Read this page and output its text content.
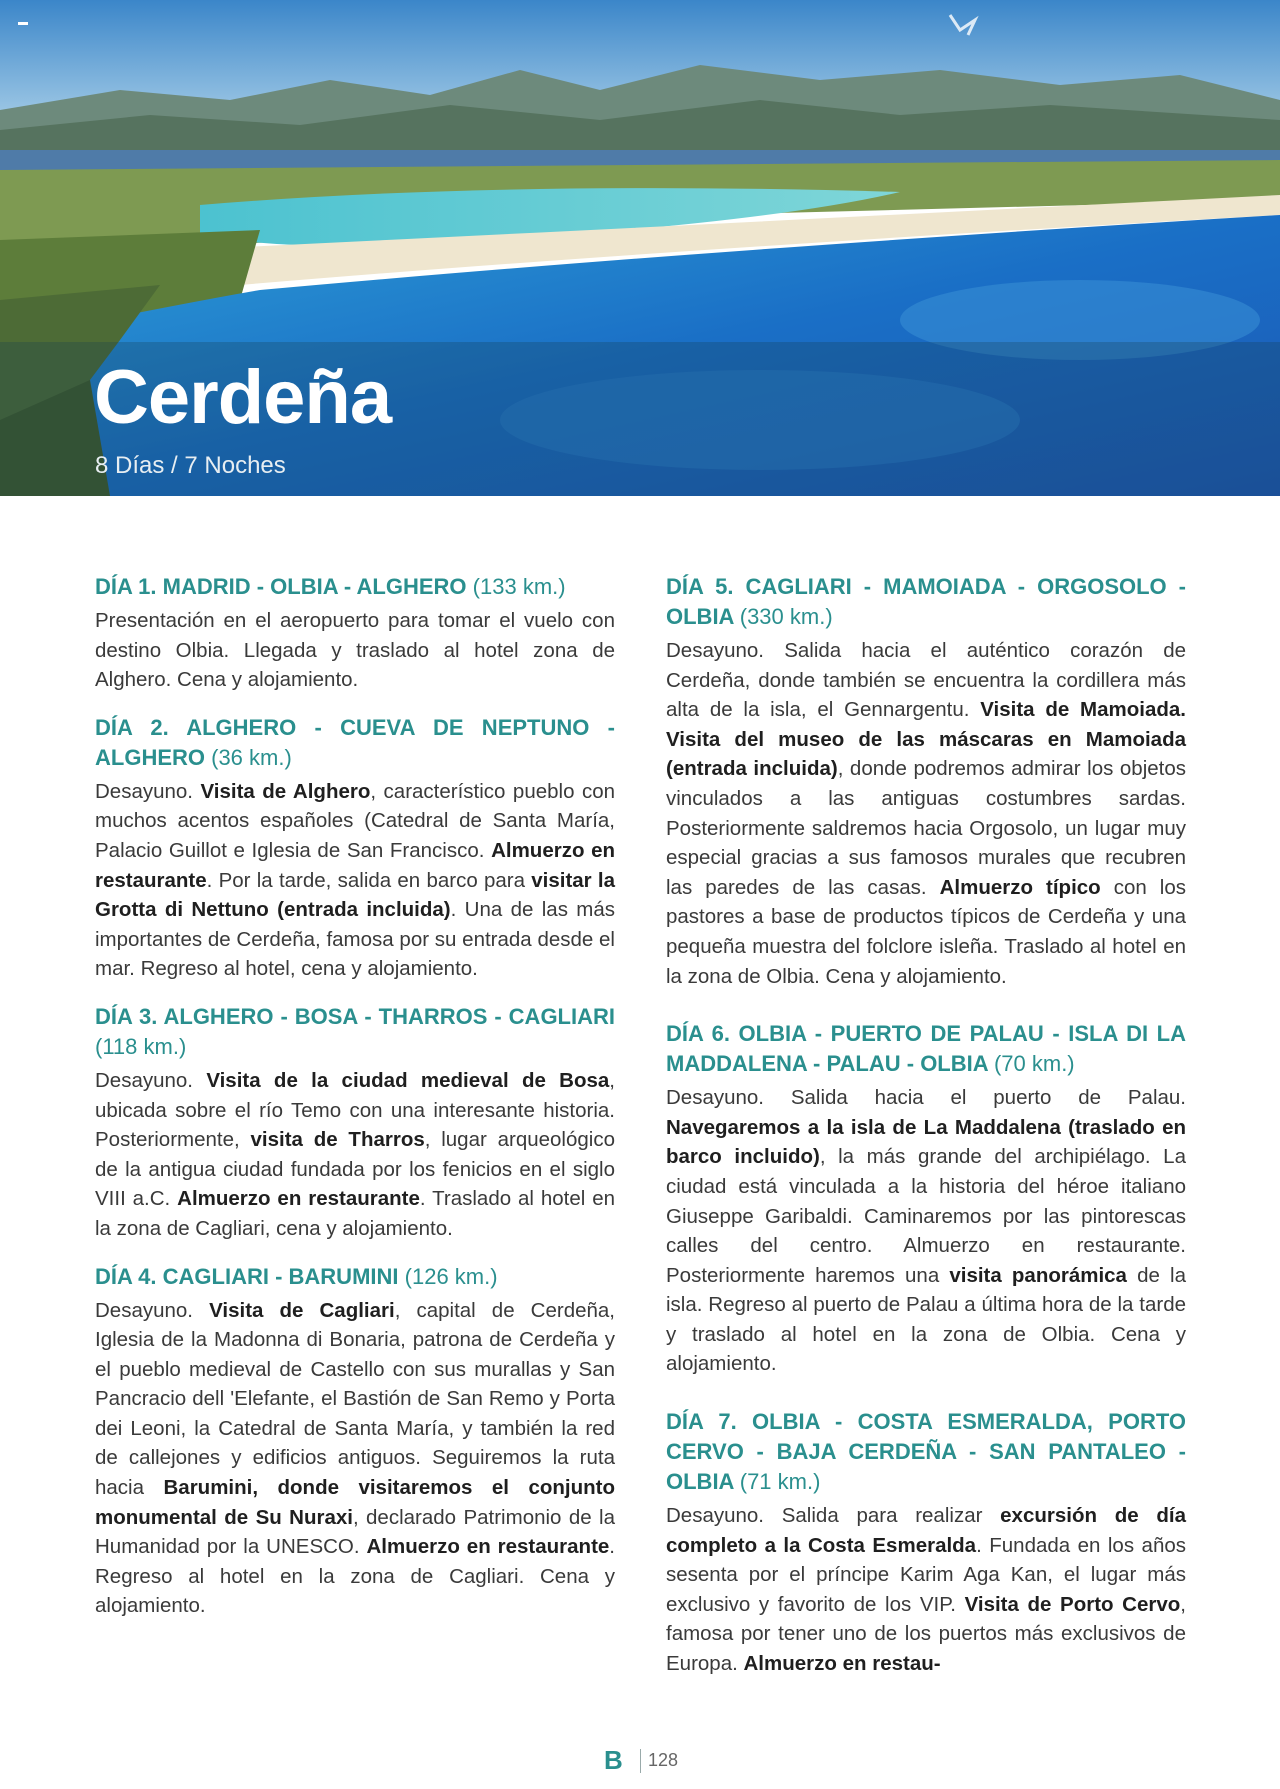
Cerdeña

8 Días / 7 Noches

DÍA 1. MADRID - OLBIA - ALGHERO (133 km.)

Presentación en el aeropuerto para tomar el vuelo con destino Olbia. Llegada y traslado al hotel zona de Alghero. Cena y alojamiento.

DÍA 2. ALGHERO - CUEVA DE NEPTUNO - ALGHERO (36 km.)

Desayuno. Visita de Alghero, característico pueblo con muchos acentos españoles (Catedral de Santa María, Palacio Guillot e Iglesia de San Francisco. Almuerzo en restaurante. Por la tarde, salida en barco para visitar la Grotta di Nettuno (entrada incluida). Una de las más importantes de Cerdeña, famosa por su entrada desde el mar. Regreso al hotel, cena y alojamiento.

DÍA 3. ALGHERO - BOSA - THARROS - CAGLIARI (118 km.)

Desayuno. Visita de la ciudad medieval de Bosa, ubicada sobre el río Temo con una interesante historia. Posteriormente, visita de Tharros, lugar arqueológico de la antigua ciudad fundada por los fenicios en el siglo VIII a.C. Almuerzo en restaurante. Traslado al hotel en la zona de Cagliari, cena y alojamiento.

DÍA 4. CAGLIARI - BARUMINI (126 km.)

Desayuno. Visita de Cagliari, capital de Cerdeña, Iglesia de la Madonna di Bonaria, patrona de Cerdeña y el pueblo medieval de Castello con sus murallas y San Pancracio dell 'Elefante, el Bastión de San Remo y Porta dei Leoni, la Catedral de Santa María, y también la red de callejones y edificios antiguos. Seguiremos la ruta hacia Barumini, donde visitaremos el conjunto monumental de Su Nuraxi, declarado Patrimonio de la Humanidad por la UNESCO. Almuerzo en restaurante. Regreso al hotel en la zona de Cagliari. Cena y alojamiento.

DÍA 5. CAGLIARI - MAMOIADA - ORGOSOLO - OLBIA (330 km.)

Desayuno. Salida hacia el auténtico corazón de Cerdeña, donde también se encuentra la cordillera más alta de la isla, el Gennargentu. Visita de Mamoiada. Visita del museo de las máscaras en Mamoiada (entrada incluida), donde podremos admirar los objetos vinculados a las antiguas costumbres sardas. Posteriormente saldremos hacia Orgosolo, un lugar muy especial gracias a sus famosos murales que recubren las paredes de las casas. Almuerzo típico con los pastores a base de productos típicos de Cerdeña y una pequeña muestra del folclore isleña. Traslado al hotel en la zona de Olbia. Cena y alojamiento.

DÍA 6. OLBIA - PUERTO DE PALAU - ISLA DI LA MADDALENA - PALAU - OLBIA (70 km.)

Desayuno. Salida hacia el puerto de Palau. Navegaremos a la isla de La Maddalena (traslado en barco incluido), la más grande del archipiélago. La ciudad está vinculada a la historia del héroe italiano Giuseppe Garibaldi. Caminaremos por las pintorescas calles del centro. Almuerzo en restaurante. Posteriormente haremos una visita panorámica de la isla. Regreso al puerto de Palau a última hora de la tarde y traslado al hotel en la zona de Olbia. Cena y alojamiento.

DÍA 7. OLBIA - COSTA ESMERALDA, PORTO CERVO - BAJA CERDEÑA - SAN PANTALEO - OLBIA (71 km.)

Desayuno. Salida para realizar excursión de día completo a la Costa Esmeralda. Fundada en los años sesenta por el príncipe Karim Aga Kan, el lugar más exclusivo y favorito de los VIP. Visita de Porto Cervo, famosa por tener uno de los puertos más exclusivos de Europa. Almuerzo en restau-

B 128
